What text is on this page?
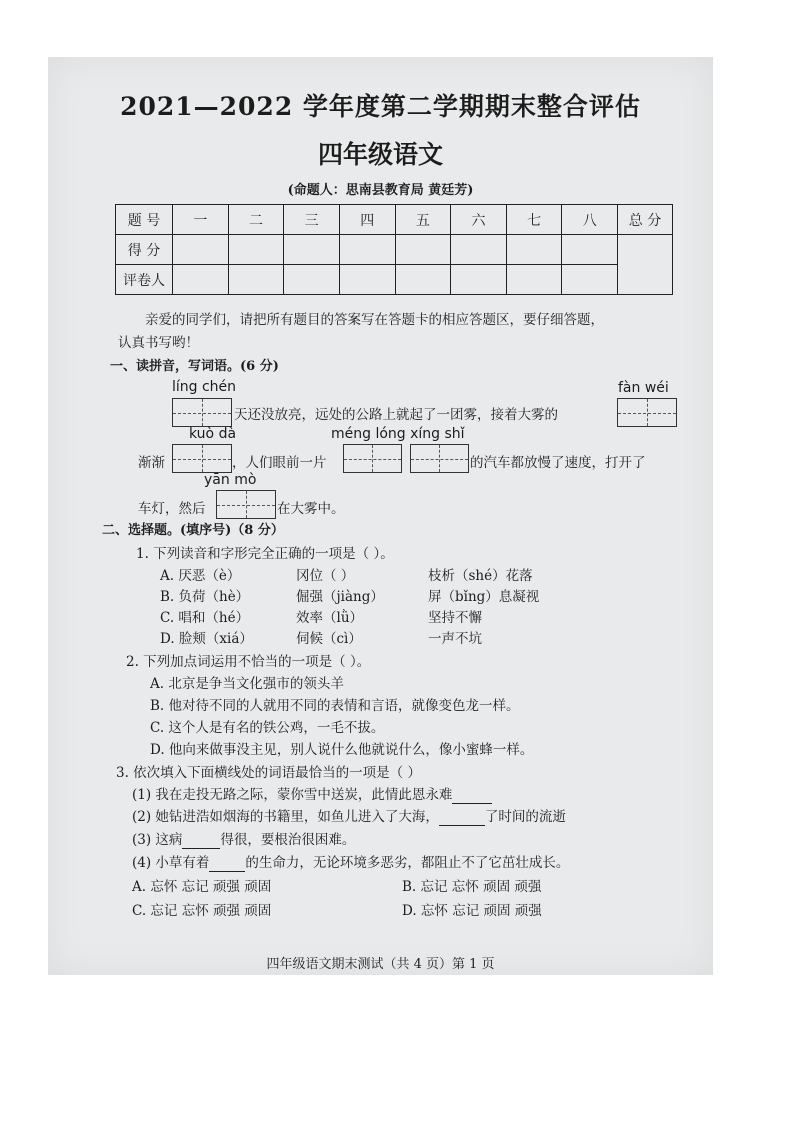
2021—2022 学年度第二学期期末整合评估
四年级语文
(命题人：思南县教育局 黄廷芳)
题 号	一	二	三	四	五	六	七	八	总 分
得 分									
评卷人									
亲爱的同学们，请把所有题目的答案写在答题卡的相应答题区，要仔细答题，
认真书写哟！
一、读拼音，写词语。(6 分)
líng chén	fàn wéi
天还没放亮，远处的公路上就起了一团雾，接着大雾的
kuò dà	méng lóng xíng shǐ
渐渐	，人们眼前一片	的汽车都放慢了速度，打开了
yān mò
车灯，然后	在大雾中。
二、选择题。(填序号)（8 分）
1. 下列读音和字形完全正确的一项是（ ）。
A. 厌恶（è）	冈位（ ）	枝析（shé）花落
B. 负荷（hè）	倔强（jiàng）	屏（bǐng）息凝视
C. 唱和（hé）	效率（lǜ）	坚持不懈
D. 脸颊（xiá）	伺候（cì）	一声不坑
2. 下列加点词运用不恰当的一项是（ ）。
A. 北京是争当文化强市的领头羊
B. 他对待不同的人就用不同的表情和言语，就像变色龙一样。
C. 这个人是有名的铁公鸡，一毛不拔。
D. 他向来做事没主见，别人说什么他就说什么，像小蜜蜂一样。
3. 依次填入下面横线处的词语最恰当的一项是（ ）
(1) 我在走投无路之际，蒙你雪中送炭，此情此恩永难
(2) 她钻进浩如烟海的书籍里，如鱼儿进入了大海，	了时间的流逝
(3) 这病	得很，要根治很困难。
(4) 小草有着	的生命力，无论环境多恶劣，都阻止不了它茁壮成长。
A. 忘怀 忘记 顽强 顽固	B. 忘记 忘怀 顽固 顽强
C. 忘记 忘怀 顽强 顽固	D. 忘怀 忘记 顽固 顽强
四年级语文期末测试（共 4 页）第 1 页
